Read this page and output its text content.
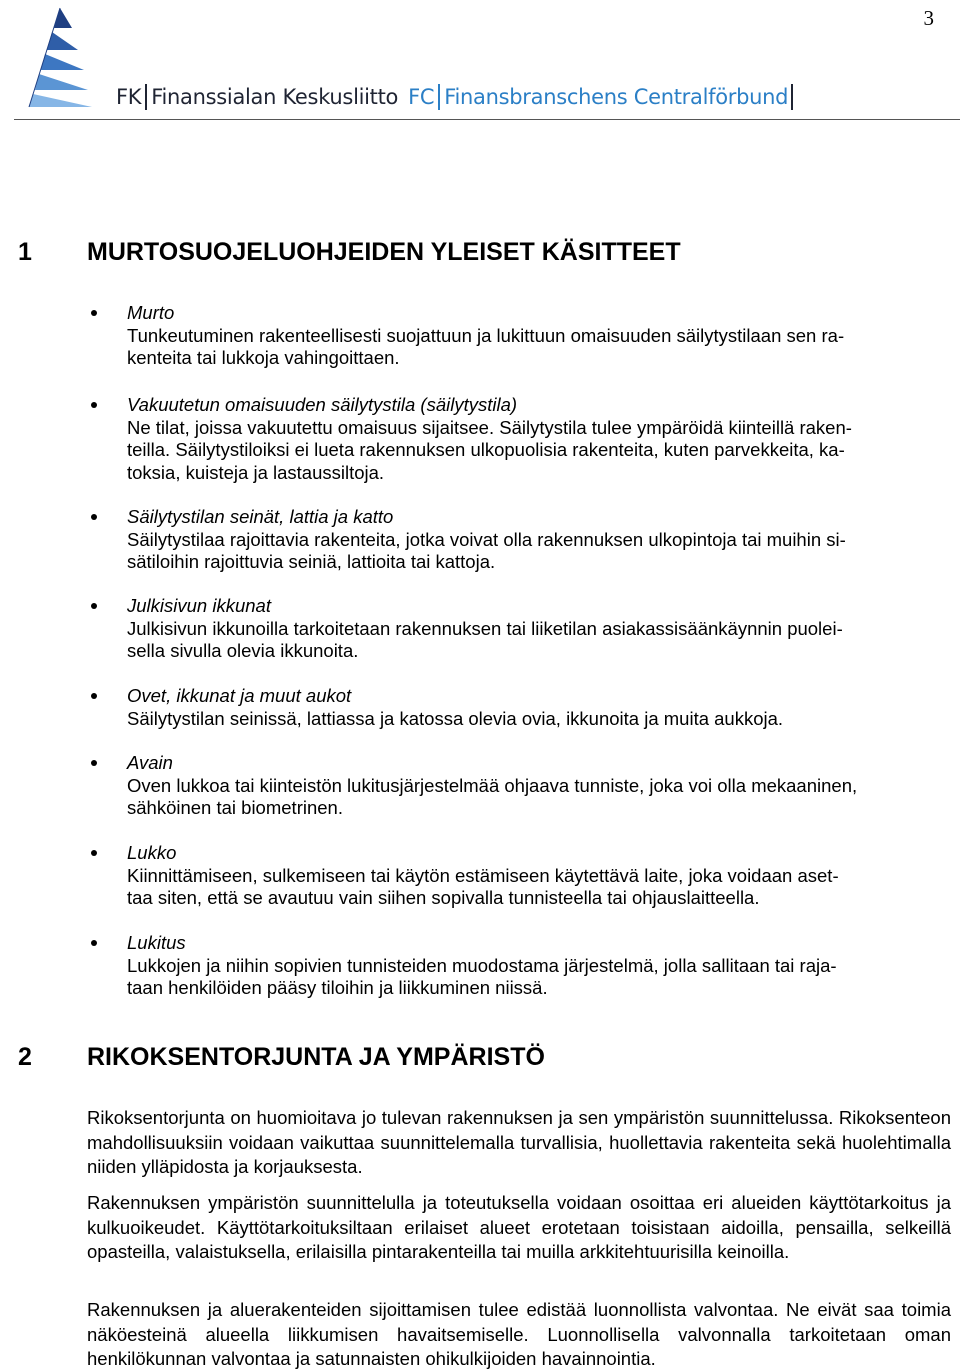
3
FK Finanssialan Keskusliitto FC Finansbranschens Centralförbund
1	MURTOSUOJELUOHJEIDEN YLEISET KÄSITTEET
Murto
Tunkeutuminen rakenteellisesti suojattuun ja lukittuun omaisuuden säilytystilaan sen ra-
kenteita tai lukkoja vahingoittaen.
Vakuutetun omaisuuden säilytystila (säilytystila)
Ne tilat, joissa vakuutettu omaisuus sijaitsee. Säilytystila tulee ympäröidä kiinteillä raken-
teilla. Säilytystiloiksi ei lueta rakennuksen ulkopuolisia rakenteita, kuten parvekkeita, ka-
toksia, kuisteja ja lastaussiltoja.
Säilytystilan seinät, lattia ja katto
Säilytystilaa rajoittavia rakenteita, jotka voivat olla rakennuksen ulkopintoja tai muihin si-
sätiloihin rajoittuvia seiniä, lattioita tai kattoja.
Julkisivun ikkunat
Julkisivun ikkunoilla tarkoitetaan rakennuksen tai liiketilan asiakassisäänkäynnin puolei-
sella sivulla olevia ikkunoita.
Ovet, ikkunat ja muut aukot
Säilytystilan seinissä, lattiassa ja katossa olevia ovia, ikkunoita ja muita aukkoja.
Avain
Oven lukkoa tai kiinteistön lukitusjärjestelmää ohjaava tunniste, joka voi olla mekaaninen,
sähköinen tai biometrinen.
Lukko
Kiinnittämiseen, sulkemiseen tai käytön estämiseen käytettävä laite, joka voidaan aset-
taa siten, että se avautuu vain siihen sopivalla tunnisteella tai ohjauslaitteella.
Lukitus
Lukkojen ja niihin sopivien tunnisteiden muodostama järjestelmä, jolla sallitaan tai raja-
taan henkilöiden pääsy tiloihin ja liikkuminen niissä.
2	RIKOKSENTORJUNTA JA YMPÄRISTÖ

Rikoksentorjunta on huomioitava jo tulevan rakennuksen ja sen ympäristön suunnittelussa. Rikoksenteon mahdollisuuksiin voidaan vaikuttaa suunnittelemalla turvallisia, huollettavia rakenteita sekä huolehtimalla niiden ylläpidosta ja korjauksesta.

Rakennuksen ympäristön suunnittelulla ja toteutuksella voidaan osoittaa eri alueiden käyttötarkoitus ja kulkuoikeudet. Käyttötarkoituksiltaan erilaiset alueet erotetaan toisistaan aidoilla, pensailla, selkeillä opasteilla, valaistuksella, erilaisilla pintarakenteilla tai muilla arkkitehtuurisilla keinoilla.

Rakennuksen ja aluerakenteiden sijoittamisen tulee edistää luonnollista valvontaa. Ne eivät saa toimia näköesteinä alueella liikkumisen havaitsemiselle. Luonnollisella valvonnalla tarkoitetaan oman henkilökunnan valvontaa ja satunnaisten ohikulkijoiden havainnointia.
